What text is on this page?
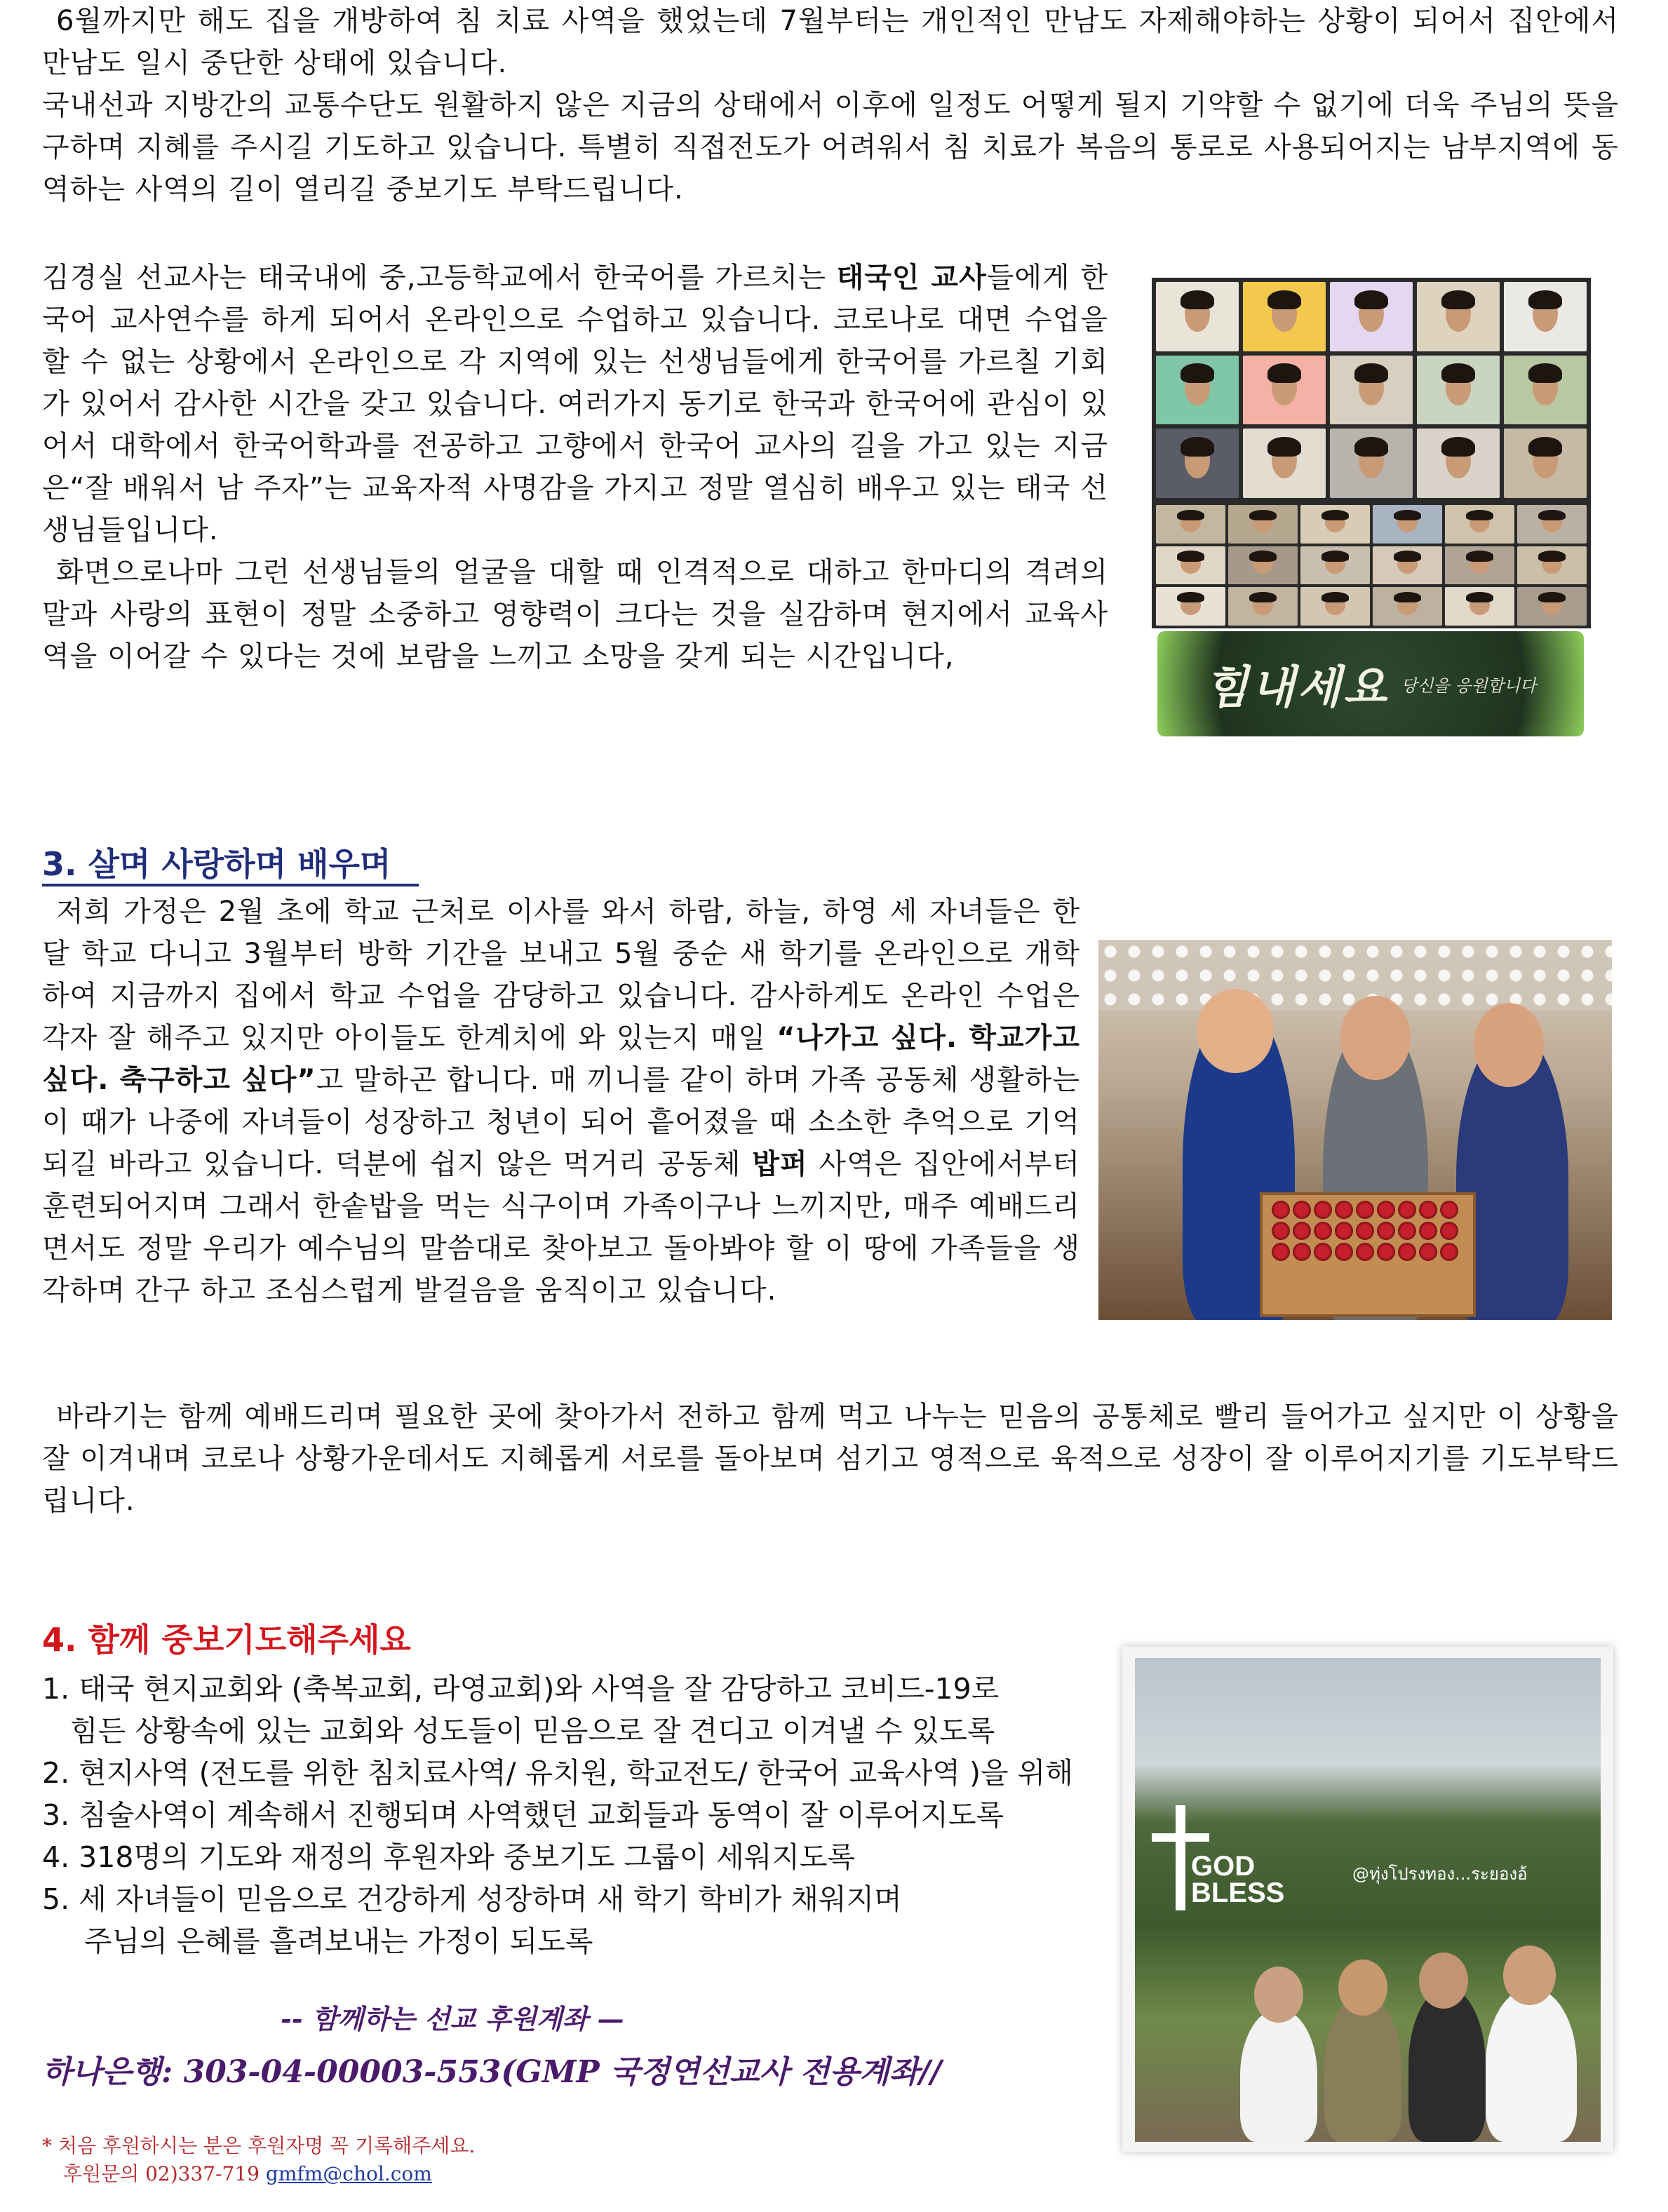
6월까지만 해도 집을 개방하여 침 치료 사역을 했었는데 7월부터는 개인적인 만남도 자제해야하는 상황이 되어서 집안에서 만남도 일시 중단한 상태에 있습니다.

국내선과 지방간의 교통수단도 원활하지 않은 지금의 상태에서 이후에 일정도 어떻게 될지 기약할 수 없기에 더욱 주님의 뜻을 구하며 지혜를 주시길 기도하고 있습니다. 특별히 직접전도가 어려워서 침 치료가 복음의 통로로 사용되어지는 남부지역에 동역하는 사역의 길이 열리길 중보기도 부탁드립니다.

김경실 선교사는 태국내에 중,고등학교에서 한국어를 가르치는 태국인 교사들에게 한국어 교사연수를 하게 되어서 온라인으로 수업하고 있습니다. 코로나로 대면 수업을 할 수 없는 상황에서 온라인으로 각 지역에 있는 선생님들에게 한국어를 가르칠 기회가 있어서 감사한 시간을 갖고 있습니다. 여러가지 동기로 한국과 한국어에 관심이 있어서 대학에서 한국어학과를 전공하고 고향에서 한국어 교사의 길을 가고 있는 지금은“잘 배워서 남 주자”는 교육자적 사명감을 가지고 정말 열심히 배우고 있는 태국 선생님들입니다.

화면으로나마 그런 선생님들의 얼굴을 대할 때 인격적으로 대하고 한마디의 격려의 말과 사랑의 표현이 정말 소중하고 영향력이 크다는 것을 실감하며 현지에서 교육사역을 이어갈 수 있다는 것에 보람을 느끼고 소망을 갖게 되는 시간입니다,

힘내세요 당신을 응원합니다
3. 살며 사랑하며 배우며

저희 가정은 2월 초에 학교 근처로 이사를 와서 하람, 하늘, 하영 세 자녀들은 한 달 학교 다니고 3월부터 방학 기간을 보내고 5월 중순 새 학기를 온라인으로 개학하여 지금까지 집에서 학교 수업을 감당하고 있습니다. 감사하게도 온라인 수업은 각자 잘 해주고 있지만 아이들도 한계치에 와 있는지 매일 “나가고 싶다. 학교가고 싶다. 축구하고 싶다”고 말하곤 합니다. 매 끼니를 같이 하며 가족 공동체 생활하는 이 때가 나중에 자녀들이 성장하고 청년이 되어 흩어졌을 때 소소한 추억으로 기억되길 바라고 있습니다. 덕분에 쉽지 않은 먹거리 공동체 밥퍼 사역은 집안에서부터 훈련되어지며 그래서 한솥밥을 먹는 식구이며 가족이구나 느끼지만, 매주 예배드리면서도 정말 우리가 예수님의 말씀대로 찾아보고 돌아봐야 할 이 땅에 가족들을 생각하며 간구 하고 조심스럽게 발걸음을 움직이고 있습니다.

바라기는 함께 예배드리며 필요한 곳에 찾아가서 전하고 함께 먹고 나누는 믿음의 공통체로 빨리 들어가고 싶지만 이 상황을 잘 이겨내며 코로나 상황가운데서도 지혜롭게 서로를 돌아보며 섬기고 영적으로 육적으로 성장이 잘 이루어지기를 기도부탁드립니다.

4. 함께 중보기도해주세요
1. 태국 현지교회와 (축복교회, 라영교회)와 사역을 잘 감당하고 코비드-19로
힘든 상황속에 있는 교회와 성도들이 믿음으로 잘 견디고 이겨낼 수 있도록
2. 현지사역 (전도를 위한 침치료사역/ 유치원, 학교전도/ 한국어 교육사역 )을 위해
3. 침술사역이 계속해서 진행되며 사역했던 교회들과 동역이 잘 이루어지도록
4. 318명의 기도와 재정의 후원자와 중보기도 그룹이 세워지도록
5. 세 자녀들이 믿음으로 건강하게 성장하며 새 학기 학비가 채워지며
주님의 은혜를 흘려보내는 가정이 되도록
-- 함께하는 선교 후원계좌 —
하나은행: 303-04-00003-553(GMP 국정연선교사 전용계좌//
* 처음 후원하시는 분은 후원자명 꼭 기록해주세요.
후원문의 02)337-719 gmfm@chol.com
GOD
BLESS
@ทุ่งโปรงทอง...ระยองอ้
